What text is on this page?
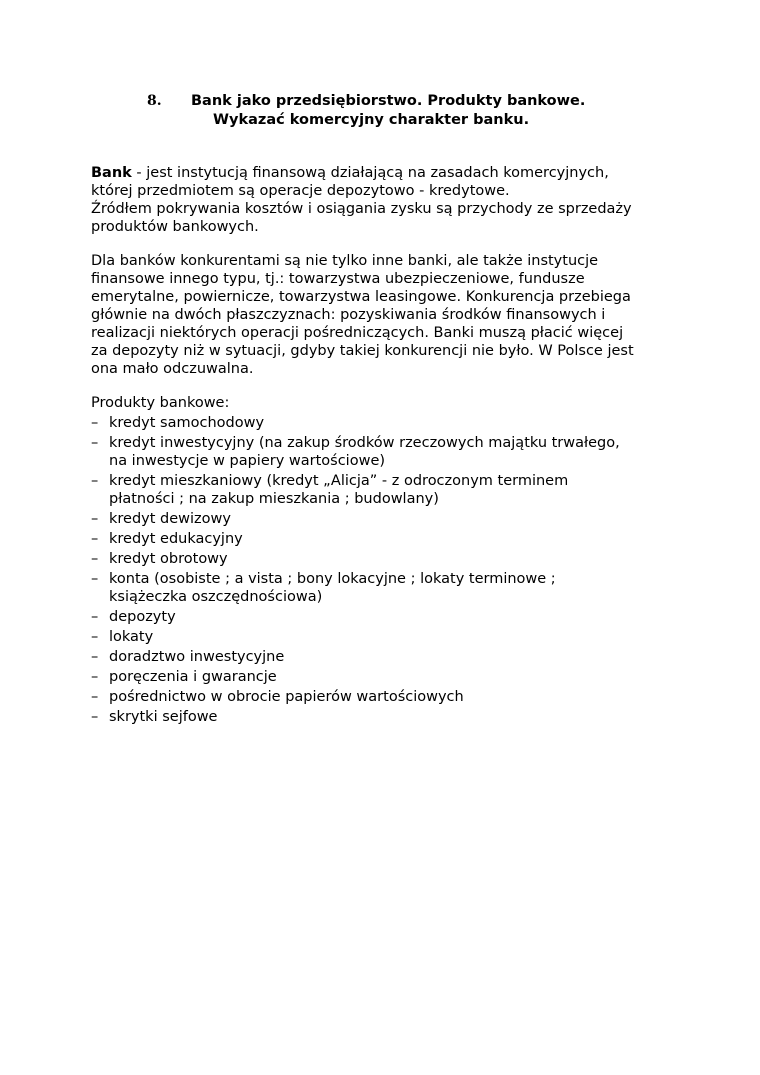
8. Bank jako przedsiębiorstwo. Produkty bankowe.
Wykazać komercyjny charakter banku.

Bank - jest instytucją finansową działającą na zasadach komercyjnych,

której przedmiotem są operacje depozytowo - kredytowe.

Źródłem pokrywania kosztów i osiągania zysku są przychody ze sprzedaży

produktów bankowych.

Dla banków konkurentami są nie tylko inne banki, ale także instytucje

finansowe innego typu, tj.: towarzystwa ubezpieczeniowe, fundusze

emerytalne, powiernicze, towarzystwa leasingowe. Konkurencja przebiega

głównie na dwóch płaszczyznach: pozyskiwania środków finansowych i

realizacji niektórych operacji pośredniczących. Banki muszą płacić więcej

za depozyty niż w sytuacji, gdyby takiej konkurencji nie było. W Polsce jest

ona mało odczuwalna.

Produkty bankowe:

– kredyt samochodowy
– kredyt inwestycyjny (na zakup środków rzeczowych majątku trwałego,
na inwestycje w papiery wartościowe)
– kredyt mieszkaniowy (kredyt „Alicja” - z odroczonym terminem
płatności ; na zakup mieszkania ; budowlany)
– kredyt dewizowy
– kredyt edukacyjny
– kredyt obrotowy
– konta (osobiste ; a vista ; bony lokacyjne ; lokaty terminowe ;
książeczka oszczędnościowa)
– depozyty
– lokaty
– doradztwo inwestycyjne
– poręczenia i gwarancje
– pośrednictwo w obrocie papierów wartościowych
– skrytki sejfowe
